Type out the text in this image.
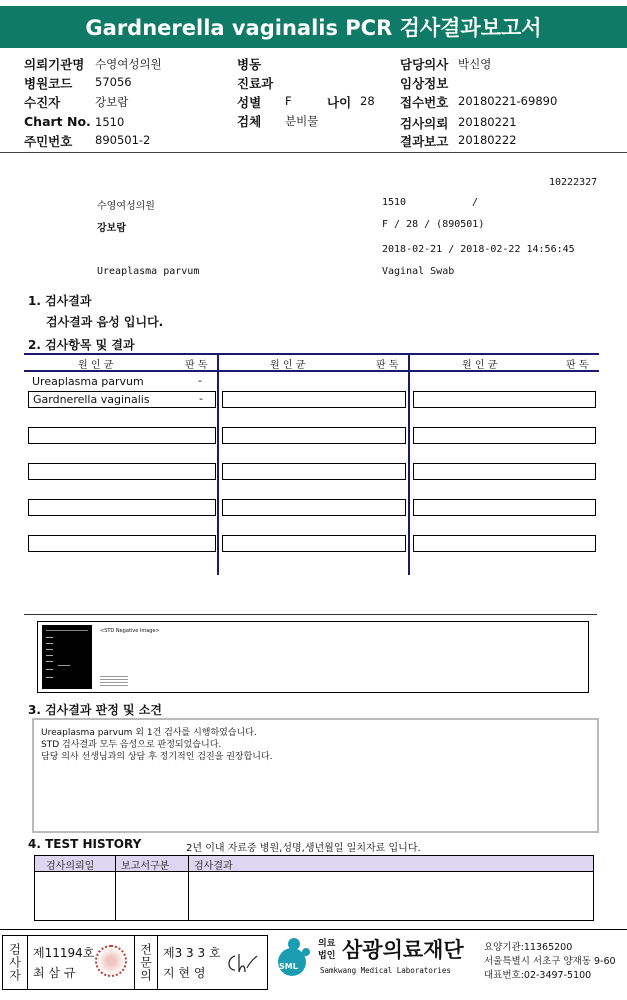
Gardnerella vaginalis PCR 검사결과보고서
의뢰기관명 수영여성의원	병동	담당의사 박신영
병원코드 57056	진료과	임상정보
수진자	강보람	성별 F	나이 28 접수번호 20180221-69890
Chart No. 1510	검체 분비물	검사의뢰 20180221
주민번호 890501-2	결과보고 20180222
10222327
수영여성의원	1510	/
강보람	F / 28 / (890501)
2018-02-21 / 2018-02-22 14:56:45
Ureaplasma parvum	Vaginal Swab
1. 검사결과
검사결과 음성 입니다.
2. 검사항목 및 결과
원 인 균	판 독	원 인 균	판 독	원 인 균	판 독
Ureaplasma parvum	-
Gardnerella vaginalis	-
<STD Negative Image>
3. 검사결과 판정 및 소견
Ureaplasma parvum 외 1건 검사를 시행하였습니다.
STD 검사결과 모두 음성으로 판정되었습니다.
담당 의사 선생님과의 상담 후 정기적인 검진을 권장합니다.
4. TEST HISTORY	2년 이내 자료중 병원,성명,생년월일 일치자료 입니다.
검사의뢰일	보고서구분 검사결과
검사자 제11194호
최 삼 규	전문의 제3 3 3 호
지 현 영	SML
의료법인 삼광의료재단
Samkwang Medical Laboratories
요양기관:11365200
서울특별시 서초구 양재동 9-60
대표번호:02-3497-5100
